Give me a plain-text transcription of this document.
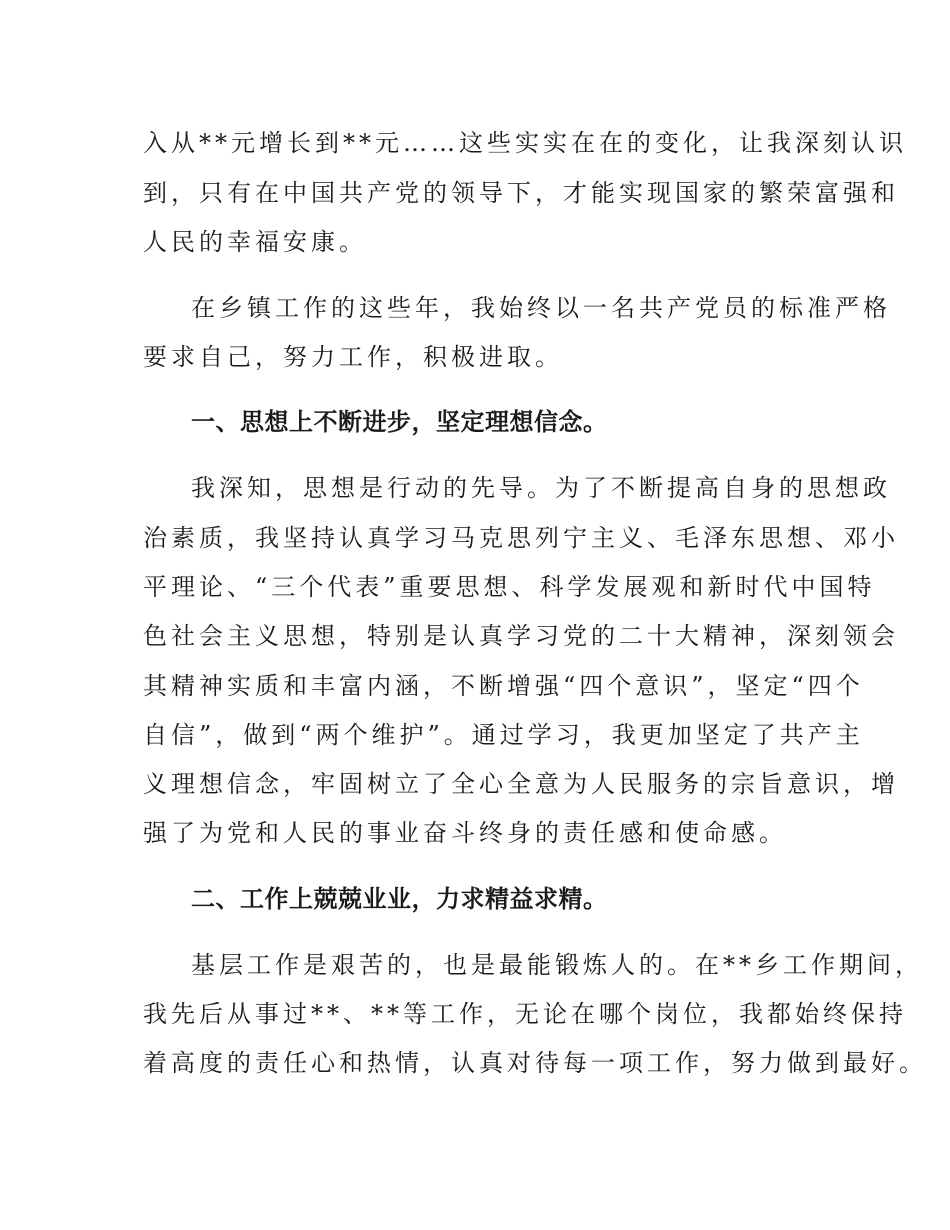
入从**元增长到**元……这些实实在在的变化，让我深刻认识
到，只有在中国共产党的领导下，才能实现国家的繁荣富强和
人民的幸福安康。
在乡镇工作的这些年，我始终以一名共产党员的标准严格
要求自己，努力工作，积极进取。
一、思想上不断进步，坚定理想信念。
我深知，思想是行动的先导。为了不断提高自身的思想政
治素质，我坚持认真学习马克思列宁主义、毛泽东思想、邓小
平理论、“三个代表”重要思想、科学发展观和新时代中国特
色社会主义思想，特别是认真学习党的二十大精神，深刻领会
其精神实质和丰富内涵，不断增强“四个意识”，坚定“四个
自信”，做到“两个维护”。通过学习，我更加坚定了共产主
义理想信念，牢固树立了全心全意为人民服务的宗旨意识，增
强了为党和人民的事业奋斗终身的责任感和使命感。
二、工作上兢兢业业，力求精益求精。
基层工作是艰苦的，也是最能锻炼人的。在**乡工作期间，
我先后从事过**、**等工作，无论在哪个岗位，我都始终保持
着高度的责任心和热情，认真对待每一项工作，努力做到最好。
